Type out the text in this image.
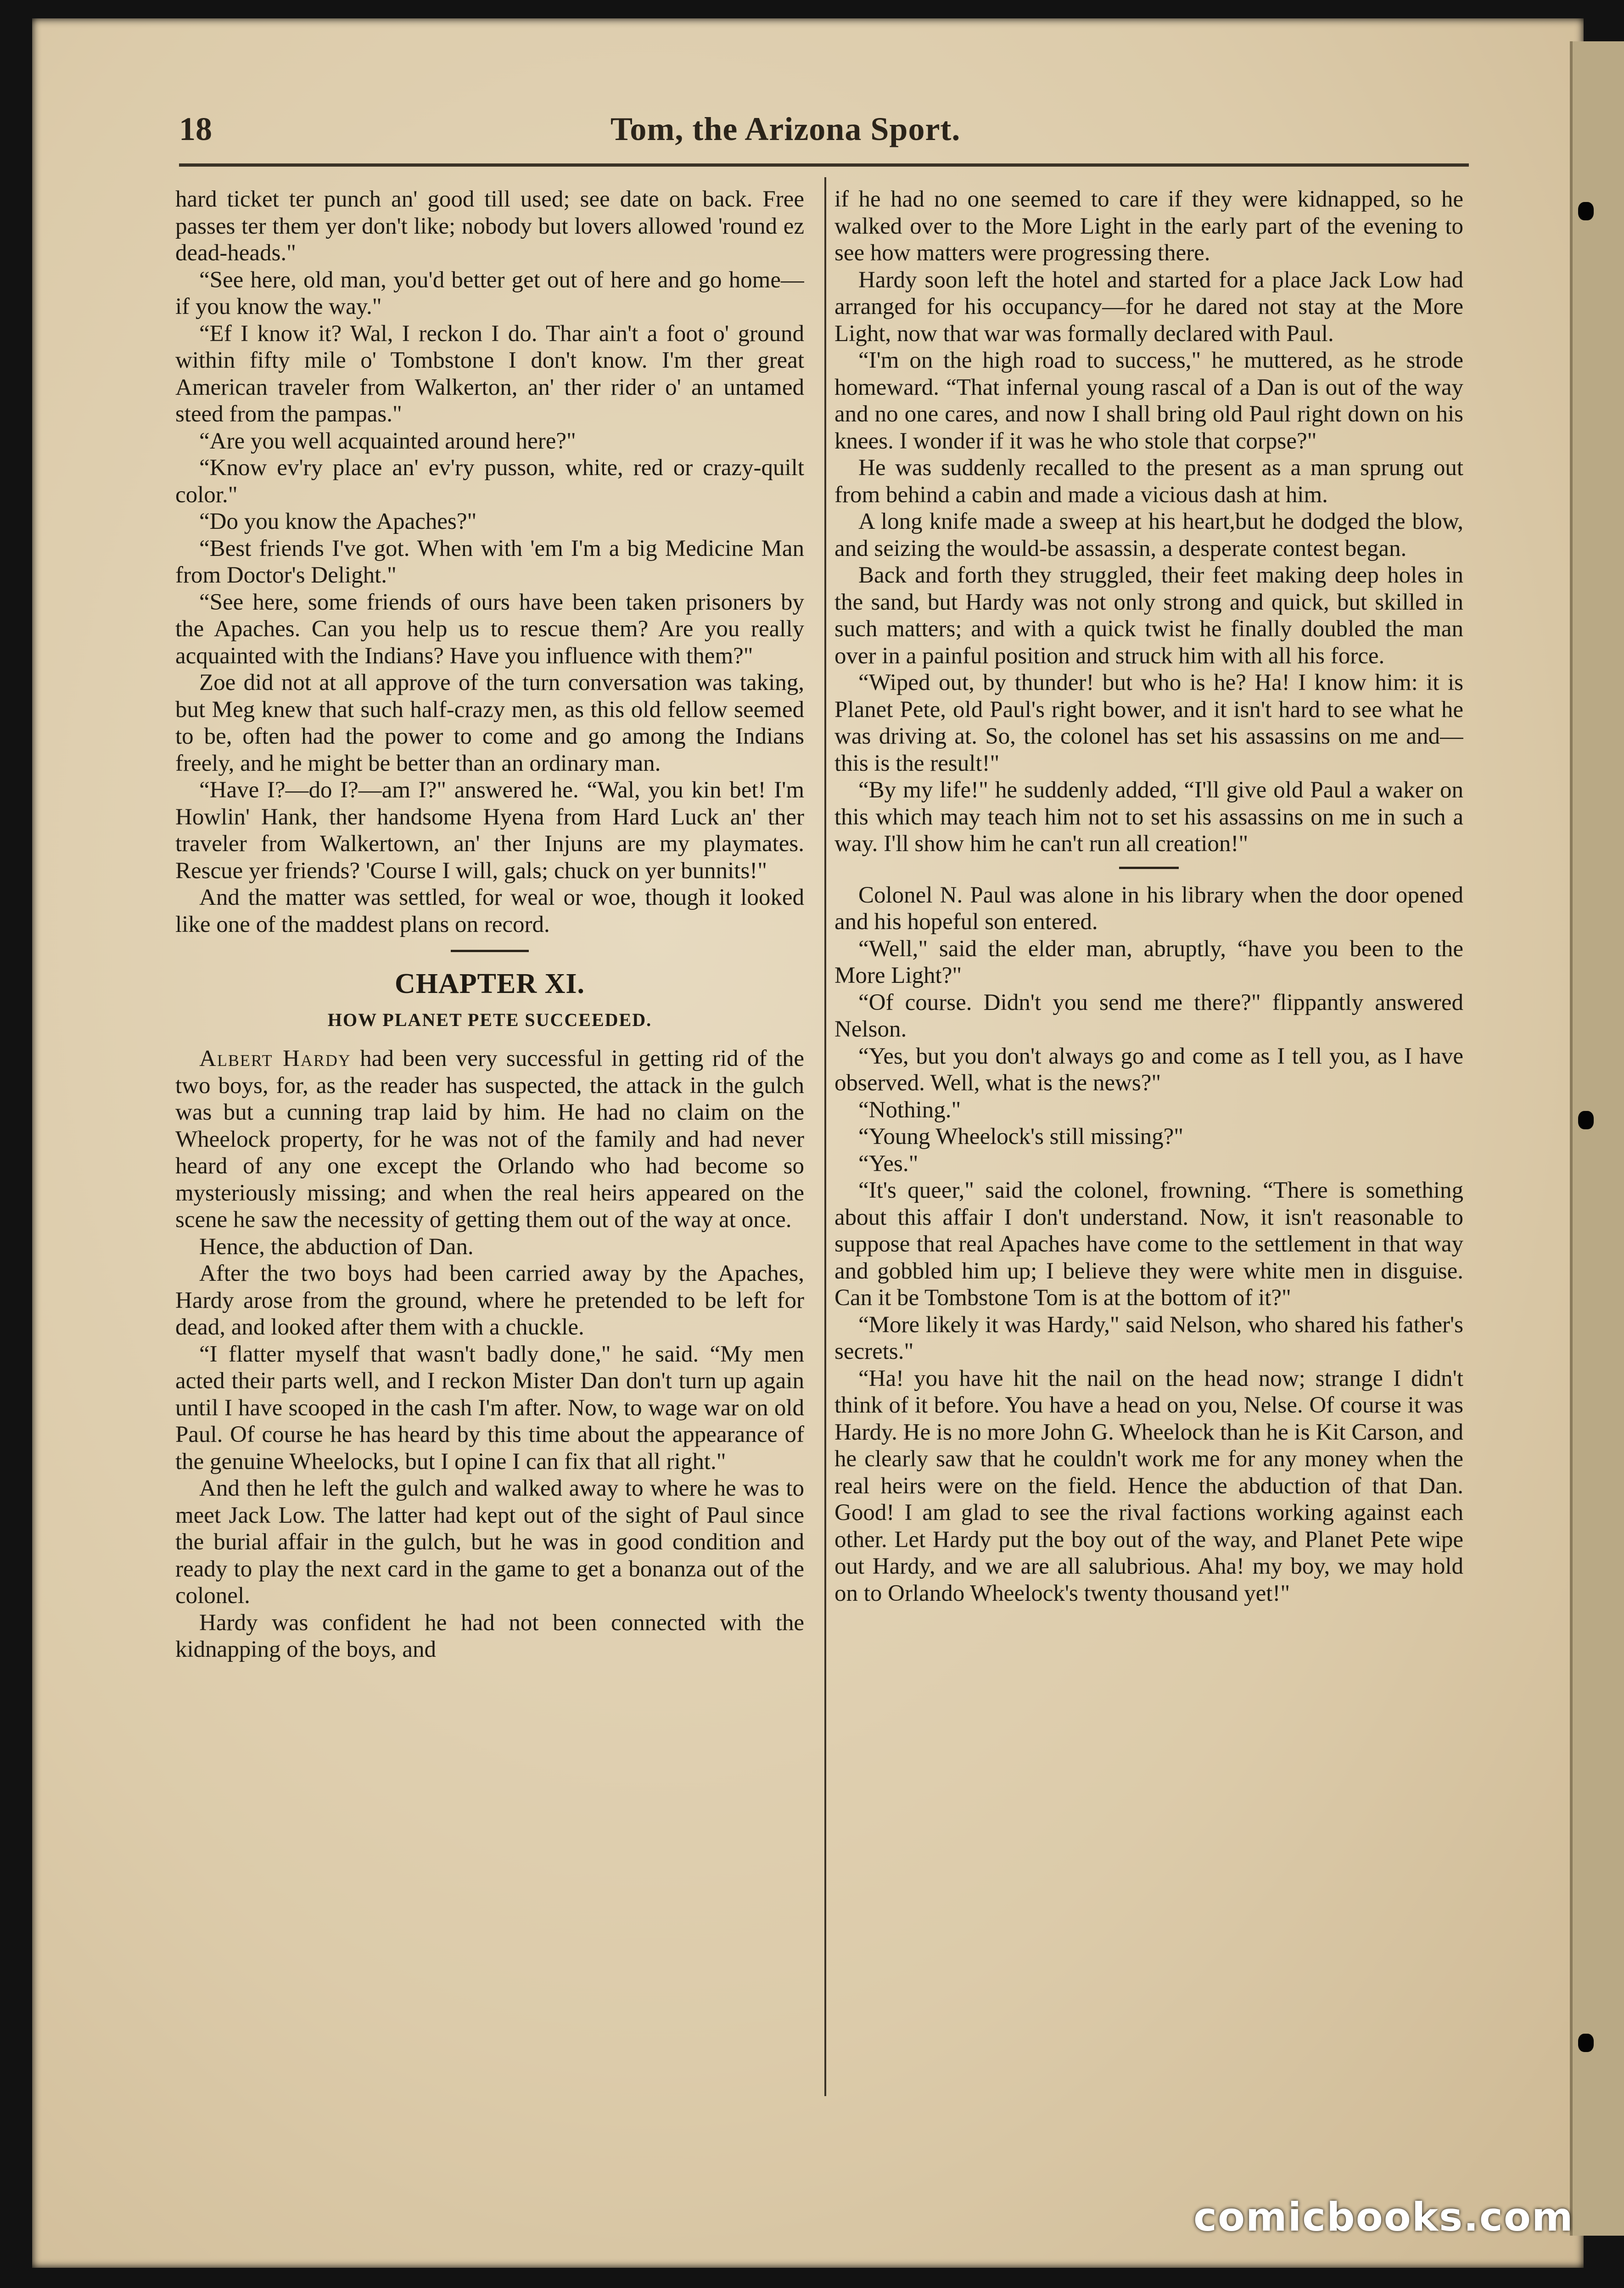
18	Tom, the Arizona Sport.

hard ticket ter punch an' good till used; see date on back. Free passes ter them yer don't like; nobody but lovers allowed 'round ez dead-heads."

“See here, old man, you'd better get out of here and go home—if you know the way."

“Ef I know it? Wal, I reckon I do. Thar ain't a foot o' ground within fifty mile o' Tombstone I don't know. I'm ther great American traveler from Walkerton, an' ther rider o' an untamed steed from the pampas."

“Are you well acquainted around here?"

“Know ev'ry place an' ev'ry pusson, white, red or crazy-quilt color."

“Do you know the Apaches?"

“Best friends I've got. When with 'em I'm a big Medicine Man from Doctor's Delight."

“See here, some friends of ours have been taken prisoners by the Apaches. Can you help us to rescue them? Are you really acquainted with the Indians? Have you influence with them?"

Zoe did not at all approve of the turn conversation was taking, but Meg knew that such half-crazy men, as this old fellow seemed to be, often had the power to come and go among the Indians freely, and he might be better than an ordinary man.

“Have I?—do I?—am I?" answered he. “Wal, you kin bet! I'm Howlin' Hank, ther handsome Hyena from Hard Luck an' ther traveler from Walkertown, an' ther Injuns are my playmates. Rescue yer friends? 'Course I will, gals; chuck on yer bunnits!"

And the matter was settled, for weal or woe, though it looked like one of the maddest plans on record.

CHAPTER XI.
HOW PLANET PETE SUCCEEDED.

Albert Hardy had been very successful in getting rid of the two boys, for, as the reader has suspected, the attack in the gulch was but a cunning trap laid by him. He had no claim on the Wheelock property, for he was not of the family and had never heard of any one except the Orlando who had become so mysteriously missing; and when the real heirs appeared on the scene he saw the necessity of getting them out of the way at once.

Hence, the abduction of Dan.

After the two boys had been carried away by the Apaches, Hardy arose from the ground, where he pretended to be left for dead, and looked after them with a chuckle.

“I flatter myself that wasn't badly done," he said. “My men acted their parts well, and I reckon Mister Dan don't turn up again until I have scooped in the cash I'm after. Now, to wage war on old Paul. Of course he has heard by this time about the appearance of the genuine Wheelocks, but I opine I can fix that all right."

And then he left the gulch and walked away to where he was to meet Jack Low. The latter had kept out of the sight of Paul since the burial affair in the gulch, but he was in good condition and ready to play the next card in the game to get a bonanza out of the colonel.

Hardy was confident he had not been connected with the kidnapping of the boys, and

if he had no one seemed to care if they were kidnapped, so he walked over to the More Light in the early part of the evening to see how matters were progressing there.

Hardy soon left the hotel and started for a place Jack Low had arranged for his occupancy—for he dared not stay at the More Light, now that war was formally declared with Paul.

“I'm on the high road to success," he muttered, as he strode homeward. “That infernal young rascal of a Dan is out of the way and no one cares, and now I shall bring old Paul right down on his knees. I wonder if it was he who stole that corpse?"

He was suddenly recalled to the present as a man sprung out from behind a cabin and made a vicious dash at him.

A long knife made a sweep at his heart,but he dodged the blow, and seizing the would-be assassin, a desperate contest began.

Back and forth they struggled, their feet making deep holes in the sand, but Hardy was not only strong and quick, but skilled in such matters; and with a quick twist he finally doubled the man over in a painful position and struck him with all his force.

“Wiped out, by thunder! but who is he? Ha! I know him: it is Planet Pete, old Paul's right bower, and it isn't hard to see what he was driving at. So, the colonel has set his assassins on me and—this is the result!"

“By my life!" he suddenly added, “I'll give old Paul a waker on this which may teach him not to set his assassins on me in such a way. I'll show him he can't run all creation!"

Colonel N. Paul was alone in his library when the door opened and his hopeful son entered.

“Well," said the elder man, abruptly, “have you been to the More Light?"

“Of course. Didn't you send me there?" flippantly answered Nelson.

“Yes, but you don't always go and come as I tell you, as I have observed. Well, what is the news?"

“Nothing."

“Young Wheelock's still missing?"

“Yes."

“It's queer," said the colonel, frowning. “There is something about this affair I don't understand. Now, it isn't reasonable to suppose that real Apaches have come to the settlement in that way and gobbled him up; I believe they were white men in disguise. Can it be Tombstone Tom is at the bottom of it?"

“More likely it was Hardy," said Nelson, who shared his father's secrets."

“Ha! you have hit the nail on the head now; strange I didn't think of it before. You have a head on you, Nelse. Of course it was Hardy. He is no more John G. Wheelock than he is Kit Carson, and he clearly saw that he couldn't work me for any money when the real heirs were on the field. Hence the abduction of that Dan. Good! I am glad to see the rival factions working against each other. Let Hardy put the boy out of the way, and Planet Pete wipe out Hardy, and we are all salubrious. Aha! my boy, we may hold on to Orlando Wheelock's twenty thousand yet!"

comicbooks.com
